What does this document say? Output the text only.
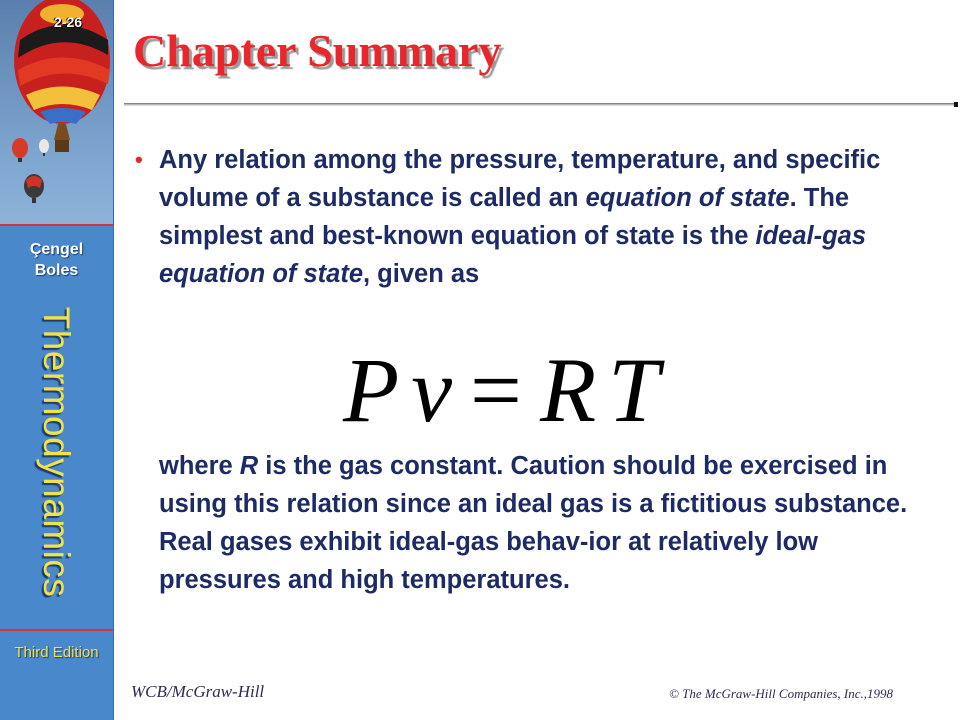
2-26
Çengel
Boles
Thermodynamics
Third Edition
Chapter Summary
• Any relation among the pressure, temperature, and specific volume of a substance is called an equation of state. The simplest and best-known equation of state is the ideal-gas equation of state, given as

P v = R T

where R is the gas constant. Caution should be exercised in using this relation since an ideal gas is a fictitious substance. Real gases exhibit ideal-gas behav-ior at relatively low pressures and high temperatures.

WCB/McGraw-Hill	© The McGraw-Hill Companies, Inc.,1998
